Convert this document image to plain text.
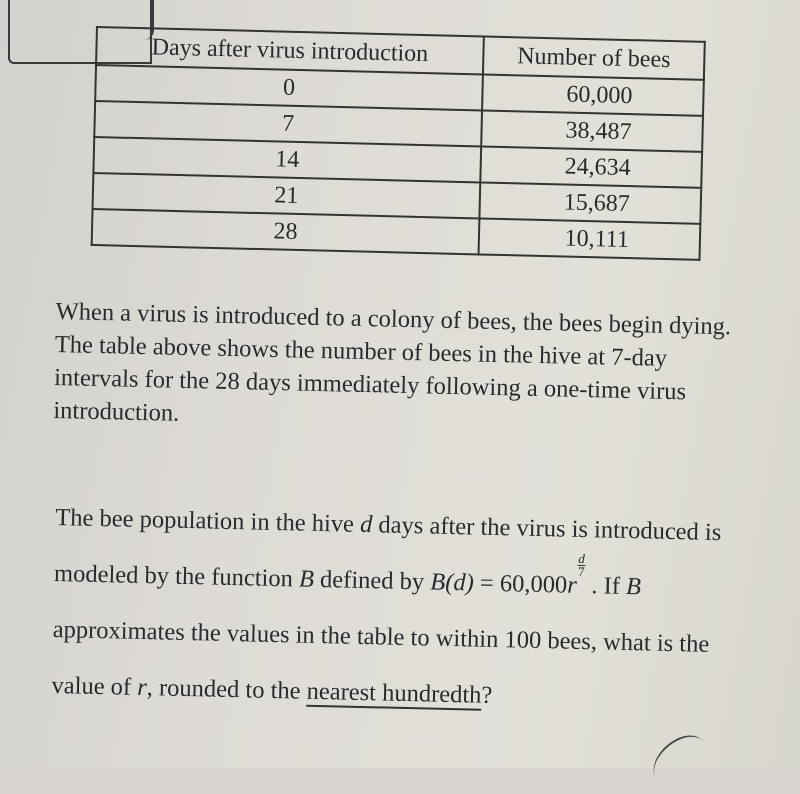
Days after virus introduction	Number of bees
0	60,000
7	38,487
14	24,634
21	15,687
28	10,111

When a virus is introduced to a colony of bees, the bees begin dying. The table above shows the number of bees in the hive at 7-day intervals for the 28 days immediately following a one-time virus introduction.

The bee population in the hive d days after the virus is introduced is modeled by the function B defined by B(d) = 60,000r
$\frac{d}{7}$
. If B approximates the values in the table to within 100 bees, what is the value of r, rounded to the nearest hundredth?
